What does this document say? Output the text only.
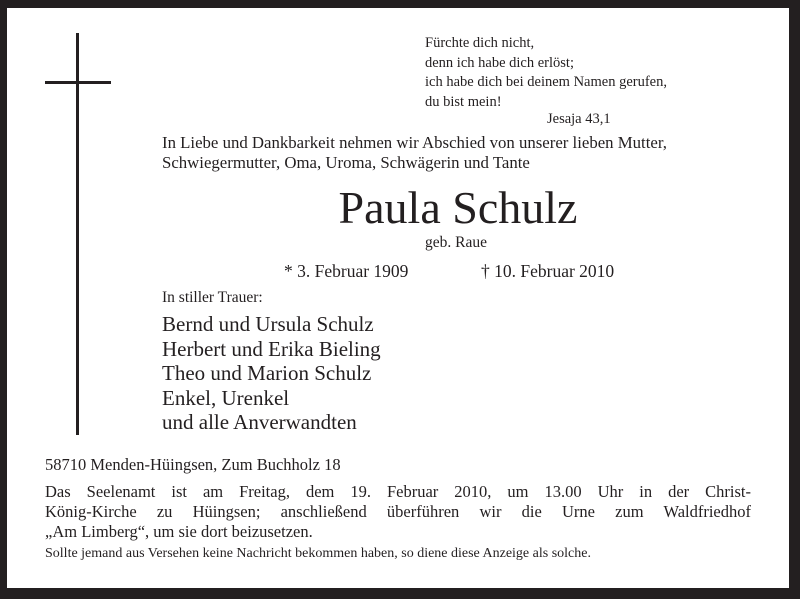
Fürchte dich nicht,
denn ich habe dich erlöst;
ich habe dich bei deinem Namen gerufen,
du bist mein!
Jesaja 43,1
In Liebe und Dankbarkeit nehmen wir Abschied von unserer lieben Mutter,
Schwiegermutter, Oma, Uroma, Schwägerin und Tante
Paula Schulz
geb. Raue
* 3. Februar 1909	† 10. Februar 2010
In stiller Trauer:
Bernd und Ursula Schulz
Herbert und Erika Bieling
Theo und Marion Schulz
Enkel, Urenkel
und alle Anverwandten
58710 Menden-Hüingsen, Zum Buchholz 18
Das Seelenamt ist am Freitag, dem 19. Februar 2010, um 13.00 Uhr in der Christ-
König-Kirche zu Hüingsen; anschließend überführen wir die Urne zum Waldfriedhof
„Am Limberg“, um sie dort beizusetzen.
Sollte jemand aus Versehen keine Nachricht bekommen haben, so diene diese Anzeige als solche.
